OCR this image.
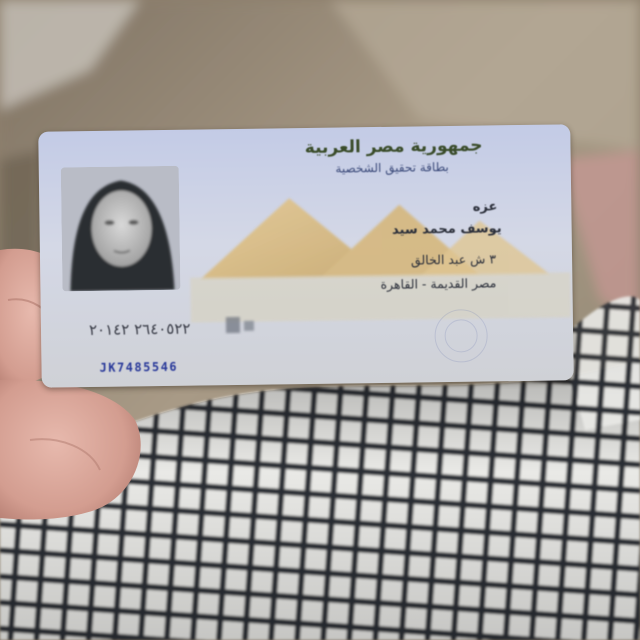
جمهورية مصر العربية
بطاقة تحقيق الشخصية
عزه
يوسف محمد سيد
٣ ش عبد الخالق
مصر القديمة - القاهرة
٢٦٤٠٥٢٢ ٢٠١٤٢
JK7485546
